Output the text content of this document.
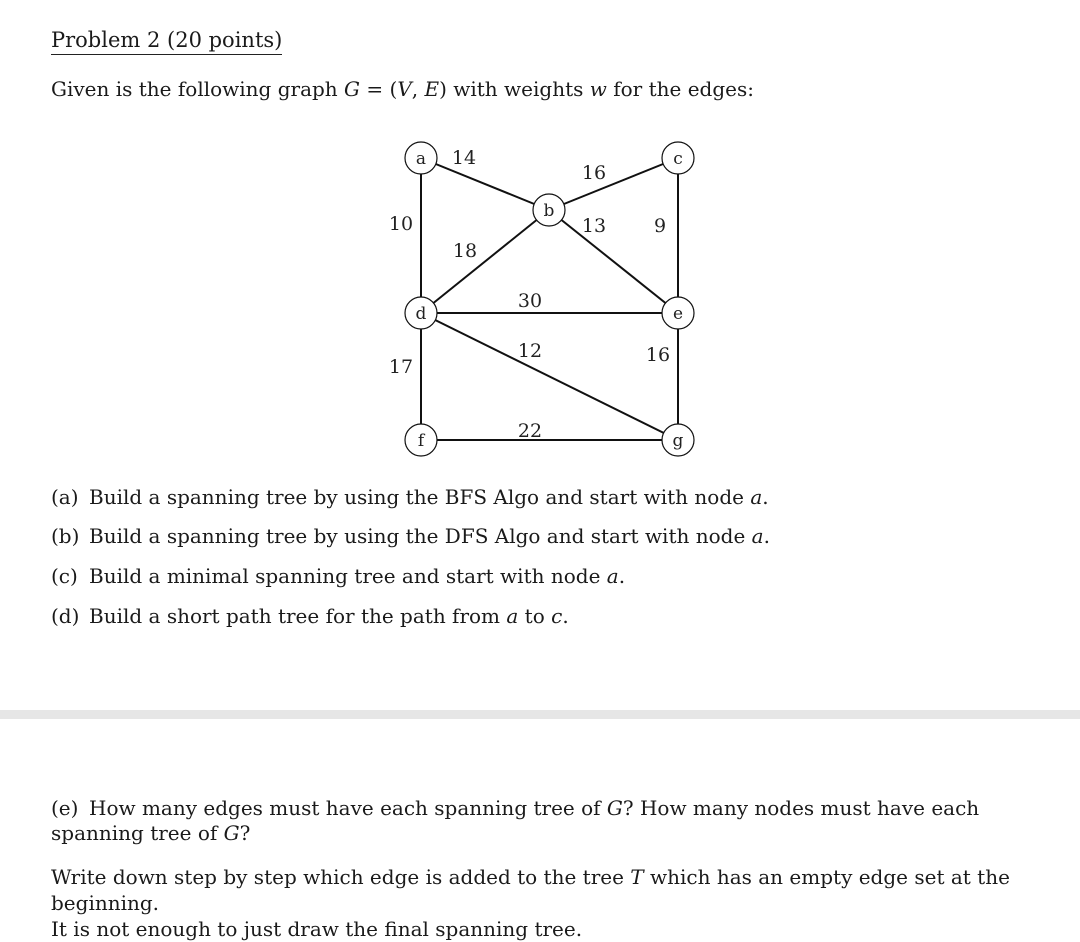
Problem 2 (20 points)
Given is the following graph G = (V, E) with weights w for the edges:
14
16
10
18
13	9
30
12
17
16
22
a
b
c
d	e
f	g
(a) Build a spanning tree by using the BFS Algo and start with node a.
(b) Build a spanning tree by using the DFS Algo and start with node a.
(c) Build a minimal spanning tree and start with node a.
(d) Build a short path tree for the path from a to c.
(e) How many edges must have each spanning tree of G? How many nodes must have each spanning tree of G?
Write down step by step which edge is added to the tree T which has an empty edge set at the beginning.
It is not enough to just draw the final spanning tree.
